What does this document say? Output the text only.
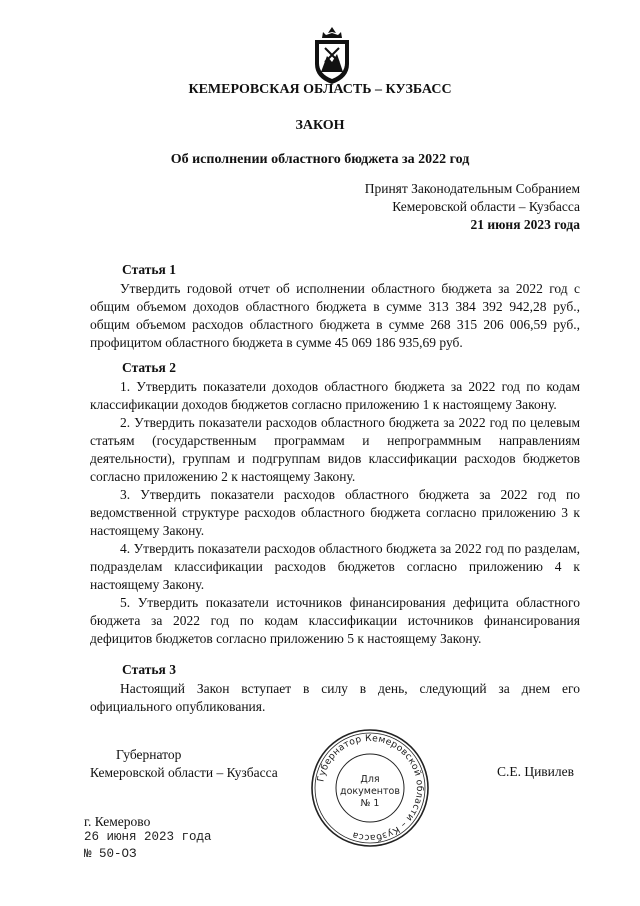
КЕМЕРОВСКАЯ ОБЛАСТЬ – КУЗБАСС
ЗАКОН
Об исполнении областного бюджета за 2022 год
Принят Законодательным Собранием
Кемеровской области – Кузбасса
21 июня 2023 года
Статья 1
Утвердить годовой отчет об исполнении областного бюджета за 2022 год с общим объемом доходов областного бюджета в сумме 313 384 392 942,28 руб., общим объемом расходов областного бюджета в сумме 268 315 206 006,59 руб., профицитом областного бюджета в сумме 45 069 186 935,69 руб.
Статья 2
1. Утвердить показатели доходов областного бюджета за 2022 год по кодам классификации доходов бюджетов согласно приложению 1 к настоящему Закону.
2. Утвердить показатели расходов областного бюджета за 2022 год по целевым статьям (государственным программам и непрограммным направлениям деятельности), группам и подгруппам видов классификации расходов бюджетов согласно приложению 2 к настоящему Закону.
3. Утвердить показатели расходов областного бюджета за 2022 год по ведомственной структуре расходов областного бюджета согласно приложению 3 к настоящему Закону.
4. Утвердить показатели расходов областного бюджета за 2022 год по разделам, подразделам классификации расходов бюджетов согласно приложению 4 к настоящему Закону.
5. Утвердить показатели источников финансирования дефицита областного бюджета за 2022 год по кодам классификации источников финансирования дефицитов бюджетов согласно приложению 5 к настоящему Закону.
Статья 3
Настоящий Закон вступает в силу в день, следующий за днем его официального опубликования.
Губернатор
Кемеровской области – Кузбасса	С.Е. Цивилев
Губернатор Кемеровской области – Кузбасса
Для
документов
№ 1
г. Кемерово
26 июня 2023 года
№ 50-ОЗ
